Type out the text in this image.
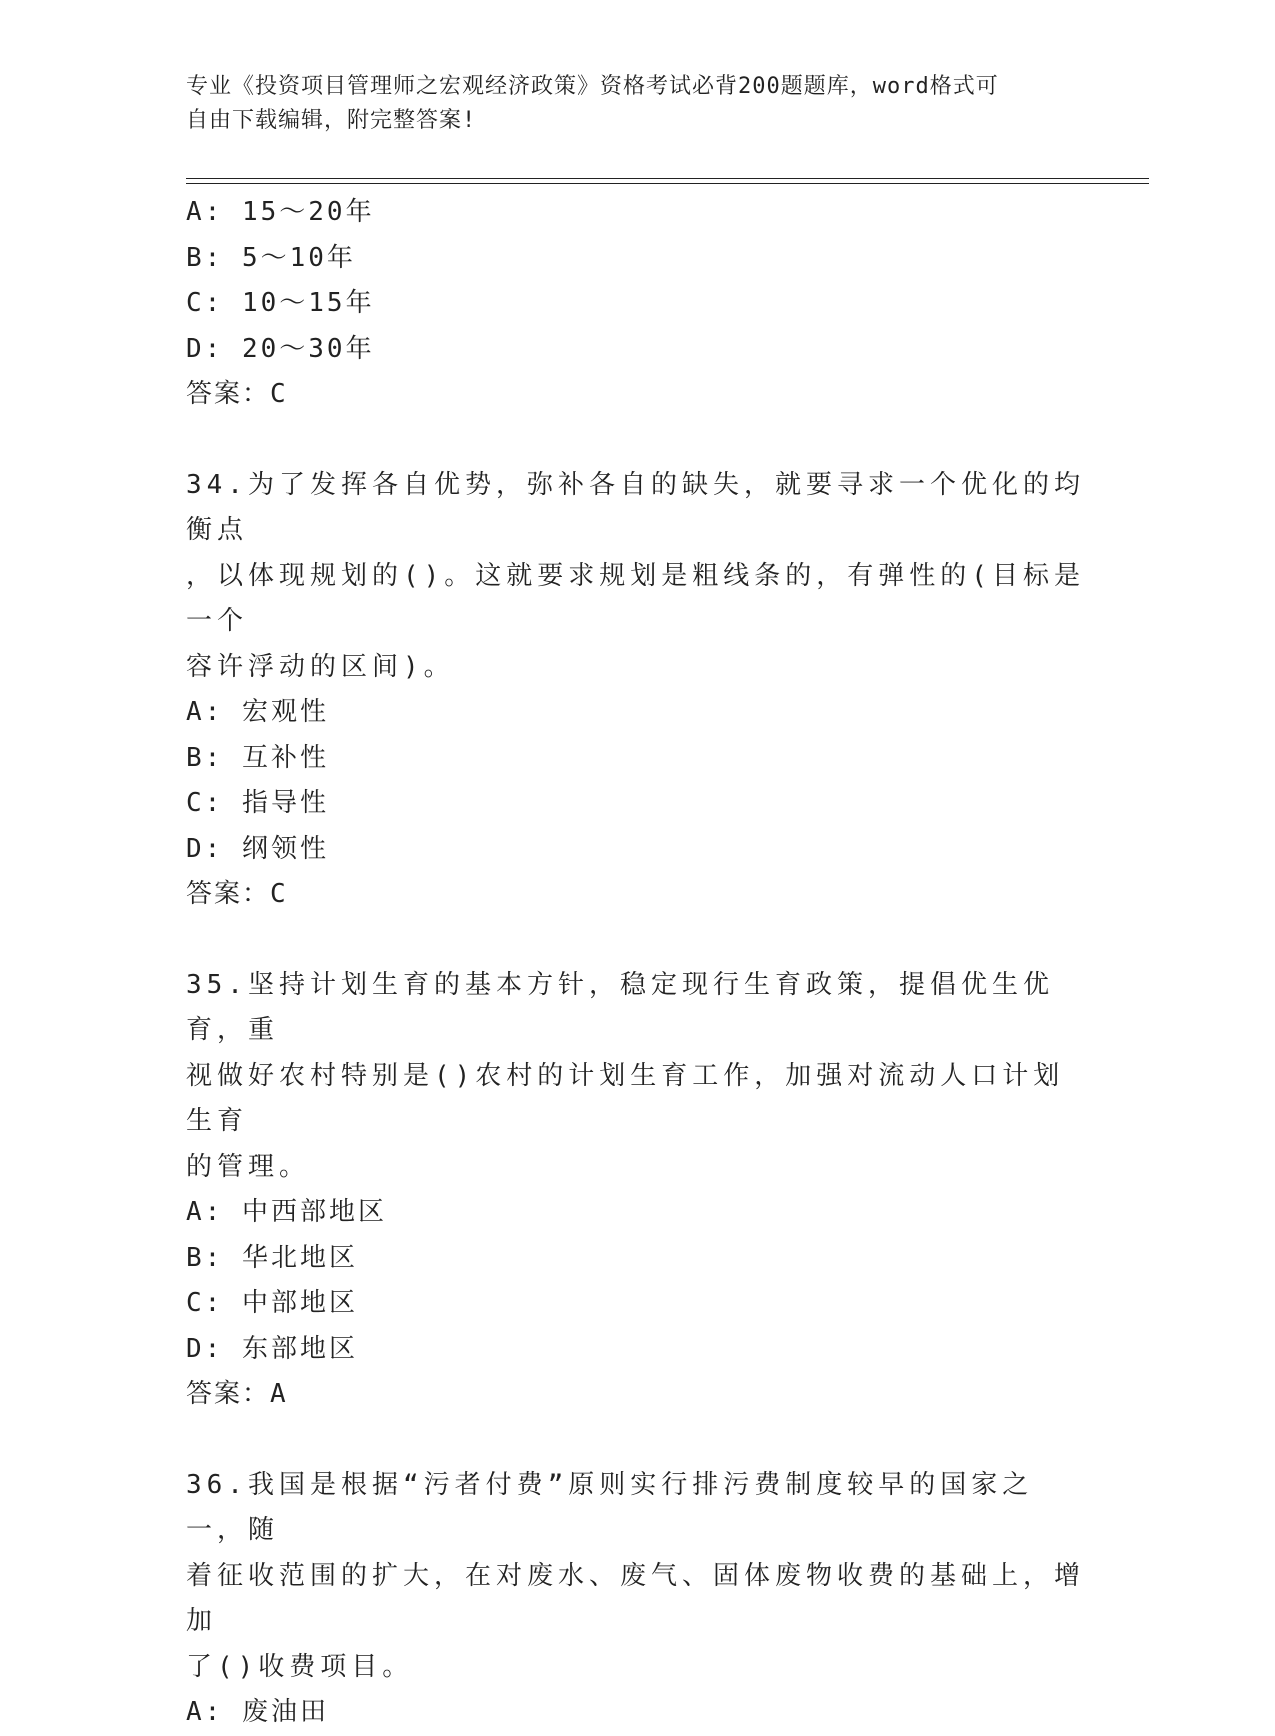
专业《投资项目管理师之宏观经济政策》资格考试必背200题题库，word格式可
自由下载编辑，附完整答案!
A: 15～20年
B: 5～10年
C: 10～15年
D: 20～30年
答案：C
34.为了发挥各自优势，弥补各自的缺失，就要寻求一个优化的均衡点
，以体现规划的()。这就要求规划是粗线条的，有弹性的(目标是一个
容许浮动的区间)。
A: 宏观性
B: 互补性
C: 指导性
D: 纲领性
答案：C
35.坚持计划生育的基本方针，稳定现行生育政策，提倡优生优育，重
视做好农村特别是()农村的计划生育工作，加强对流动人口计划生育
的管理。
A: 中西部地区
B: 华北地区
C: 中部地区
D: 东部地区
答案：A
36.我国是根据“污者付费”原则实行排污费制度较早的国家之一，随
着征收范围的扩大，在对废水、废气、固体废物收费的基础上，增加
了()收费项目。
A: 废油田
